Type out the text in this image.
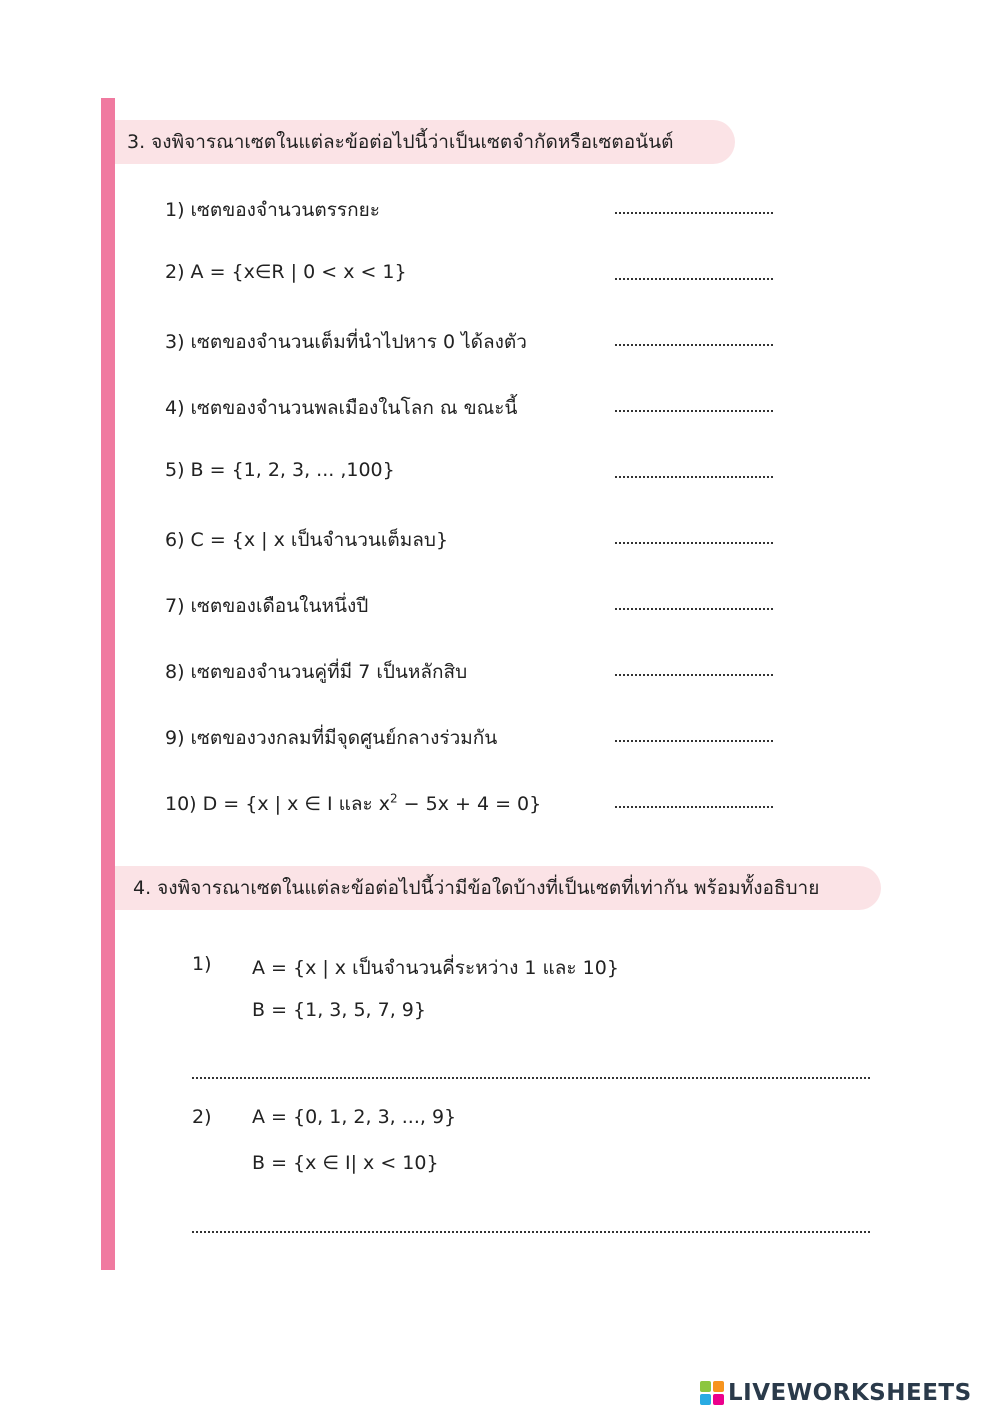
3. จงพิจารณาเซตในแต่ละข้อต่อไปนี้ว่าเป็นเซตจำกัดหรือเซตอนันต์
1) เซตของจำนวนตรรกยะ
2) A = {x∈R | 0 < x < 1}
3) เซตของจำนวนเต็มที่นำไปหาร 0 ได้ลงตัว
4) เซตของจำนวนพลเมืองในโลก ณ ขณะนี้
5) B = {1, 2, 3, ... ,100}
6) C = {x | x เป็นจำนวนเต็มลบ}
7) เซตของเดือนในหนึ่งปี
8) เซตของจำนวนคู่ที่มี 7 เป็นหลักสิบ
9) เซตของวงกลมที่มีจุดศูนย์กลางร่วมกัน
10) D = {x | x ∈ I และ $x^2 - 5x + 4 = 0$}
4. จงพิจารณาเซตในแต่ละข้อต่อไปนี้ว่ามีข้อใดบ้างที่เป็นเซตที่เท่ากัน พร้อมทั้งอธิบาย
1) A = {x | x เป็นจำนวนคี่ระหว่าง 1 และ 10}
B = {1, 3, 5, 7, 9}
2) A = {0, 1, 2, 3, ..., 9}
B = {x ∈ I| x < 10}
LIVEWORKSHEETS
